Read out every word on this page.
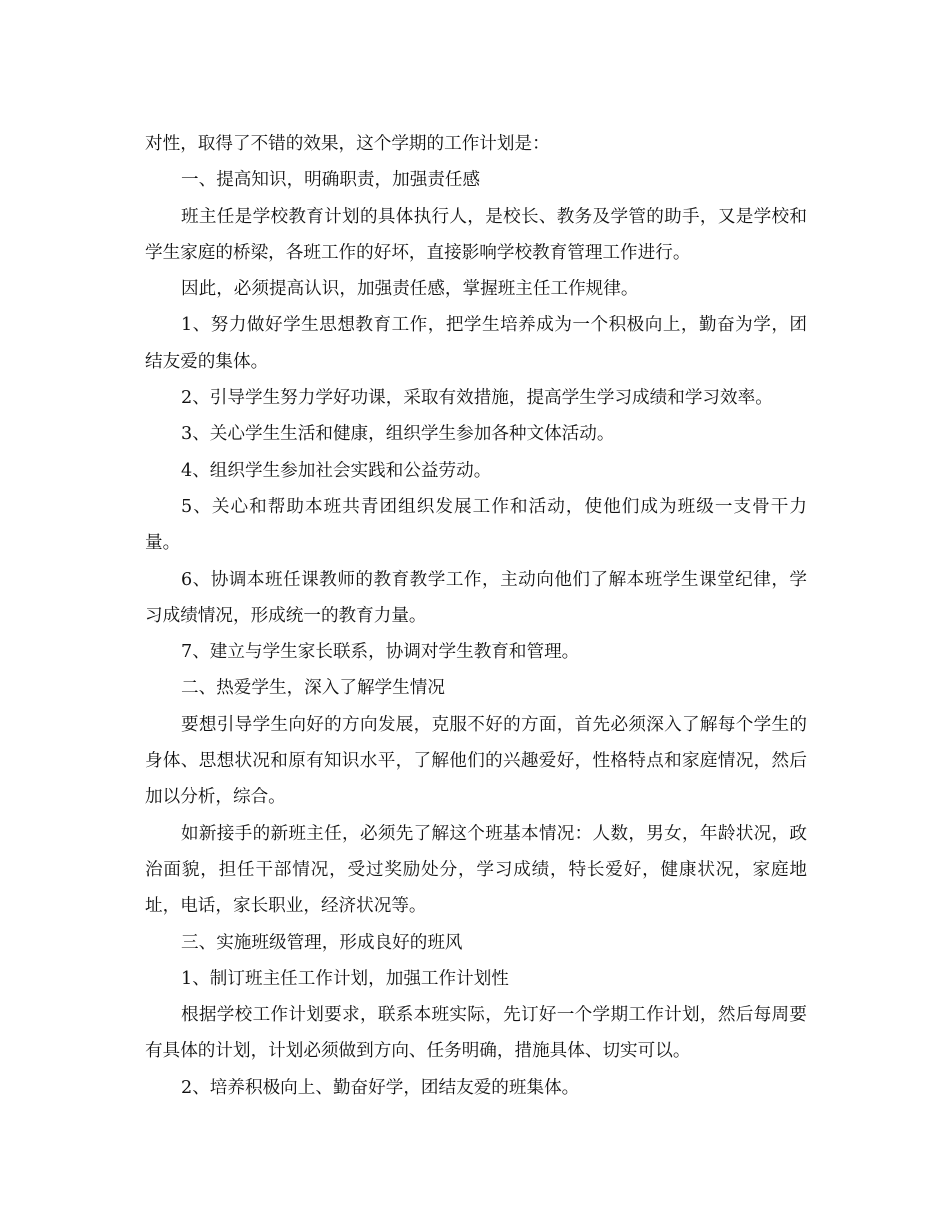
对性，取得了不错的效果，这个学期的工作计划是：

一、提高知识，明确职责，加强责任感

班主任是学校教育计划的具体执行人，是校长、教务及学管的助手，又是学校和学生家庭的桥梁，各班工作的好坏，直接影响学校教育管理工作进行。

因此，必须提高认识，加强责任感，掌握班主任工作规律。

1、努力做好学生思想教育工作，把学生培养成为一个积极向上，勤奋为学，团结友爱的集体。

2、引导学生努力学好功课，采取有效措施，提高学生学习成绩和学习效率。

3、关心学生生活和健康，组织学生参加各种文体活动。

4、组织学生参加社会实践和公益劳动。

5、关心和帮助本班共青团组织发展工作和活动，使他们成为班级一支骨干力量。

6、协调本班任课教师的教育教学工作，主动向他们了解本班学生课堂纪律，学习成绩情况，形成统一的教育力量。

7、建立与学生家长联系，协调对学生教育和管理。

二、热爱学生，深入了解学生情况

要想引导学生向好的方向发展，克服不好的方面，首先必须深入了解每个学生的身体、思想状况和原有知识水平，了解他们的兴趣爱好，性格特点和家庭情况，然后加以分析，综合。

如新接手的新班主任，必须先了解这个班基本情况：人数，男女，年龄状况，政治面貌，担任干部情况，受过奖励处分，学习成绩，特长爱好，健康状况，家庭地址，电话，家长职业，经济状况等。

三、实施班级管理，形成良好的班风

1、制订班主任工作计划，加强工作计划性

根据学校工作计划要求，联系本班实际，先订好一个学期工作计划，然后每周要有具体的计划，计划必须做到方向、任务明确，措施具体、切实可以。

2、培养积极向上、勤奋好学，团结友爱的班集体。
